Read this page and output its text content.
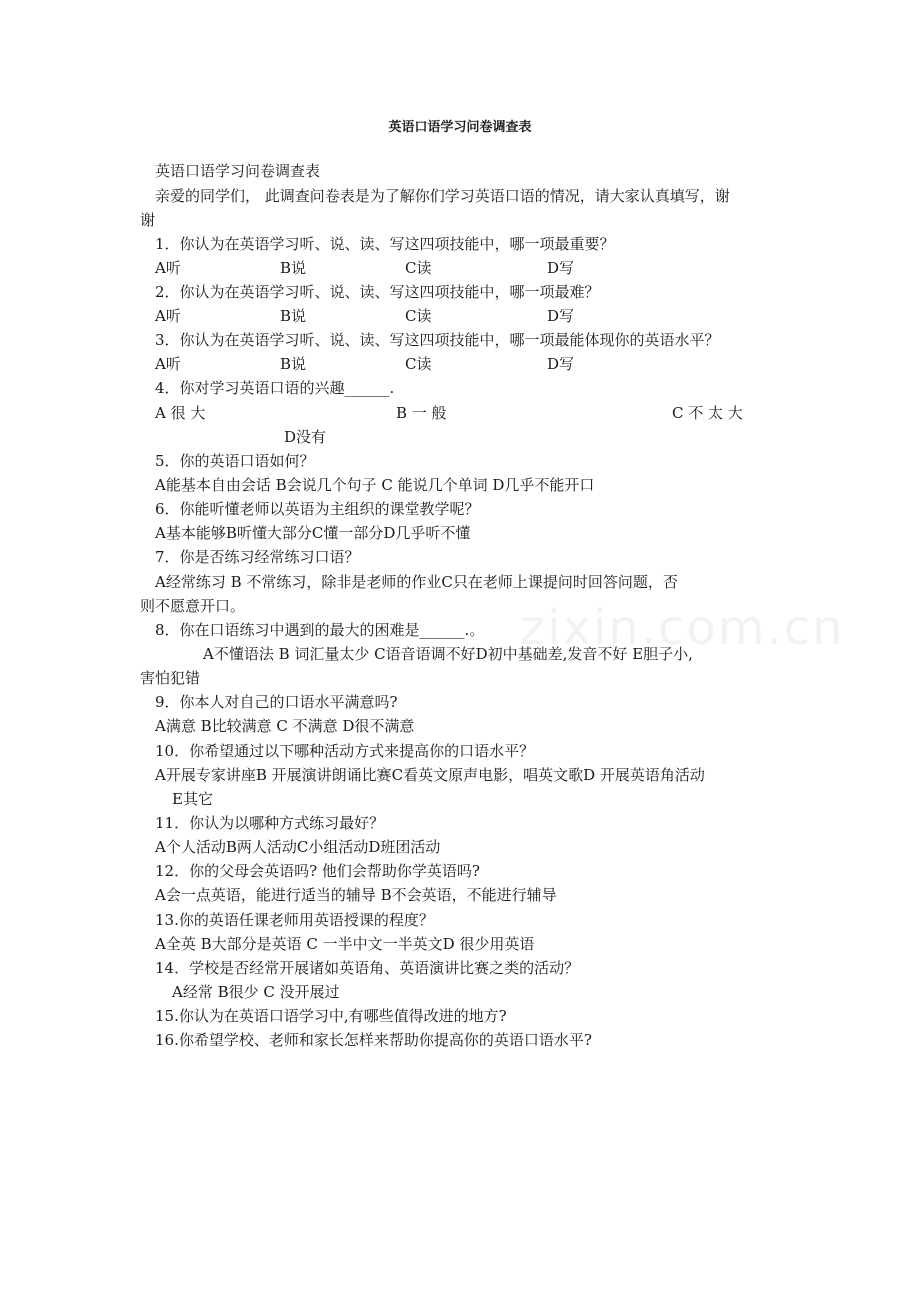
英语口语学习问卷调查表
英语口语学习问卷调查表
亲爱的同学们， 此调查问卷表是为了解你们学习英语口语的情况，请大家认真填写，谢
谢
1．你认为在英语学习听、说、读、写这四项技能中，哪一项最重要？
A听	B说	C读	D写
2．你认为在英语学习听、说、读、写这四项技能中，哪一项最难？
A听	B说	C读	D写
3．你认为在英语学习听、说、读、写这四项技能中，哪一项最能体现你的英语水平？
A听	B说	C读	D写
4．你对学习英语口语的兴趣______.
A 很 大	B 一 般	C 不 太 大
D没有
5．你的英语口语如何？
A能基本自由会话 B会说几个句子 C 能说几个单词 D几乎不能开口
6．你能听懂老师以英语为主组织的课堂教学呢？
A基本能够B听懂大部分C懂一部分D几乎听不懂
7．你是否练习经常练习口语？
A经常练习 B 不常练习，除非是老师的作业C只在老师上课提问时回答问题，否
则不愿意开口。
8．你在口语练习中遇到的最大的困难是______.。
A不懂语法 B 词汇量太少 C语音语调不好D初中基础差,发音不好 E胆子小,
害怕犯错
9．你本人对自己的口语水平满意吗?
A满意 B比较满意 C 不满意 D很不满意
10．你希望通过以下哪种活动方式来提高你的口语水平？
A开展专家讲座B 开展演讲朗诵比赛C看英文原声电影，唱英文歌D 开展英语角活动
E其它
11．你认为以哪种方式练习最好？
A个人活动B两人活动C小组活动D班团活动
12．你的父母会英语吗? 他们会帮助你学英语吗?
A会一点英语，能进行适当的辅导 B不会英语，不能进行辅导
13.你的英语任课老师用英语授课的程度？
A全英 B大部分是英语 C 一半中文一半英文D 很少用英语
14．学校是否经常开展诸如英语角、英语演讲比赛之类的活动？
A经常 B很少 C 没开展过
15.你认为在英语口语学习中,有哪些值得改进的地方?
16.你希望学校、老师和家长怎样来帮助你提高你的英语口语水平?
zixin.com.cn
